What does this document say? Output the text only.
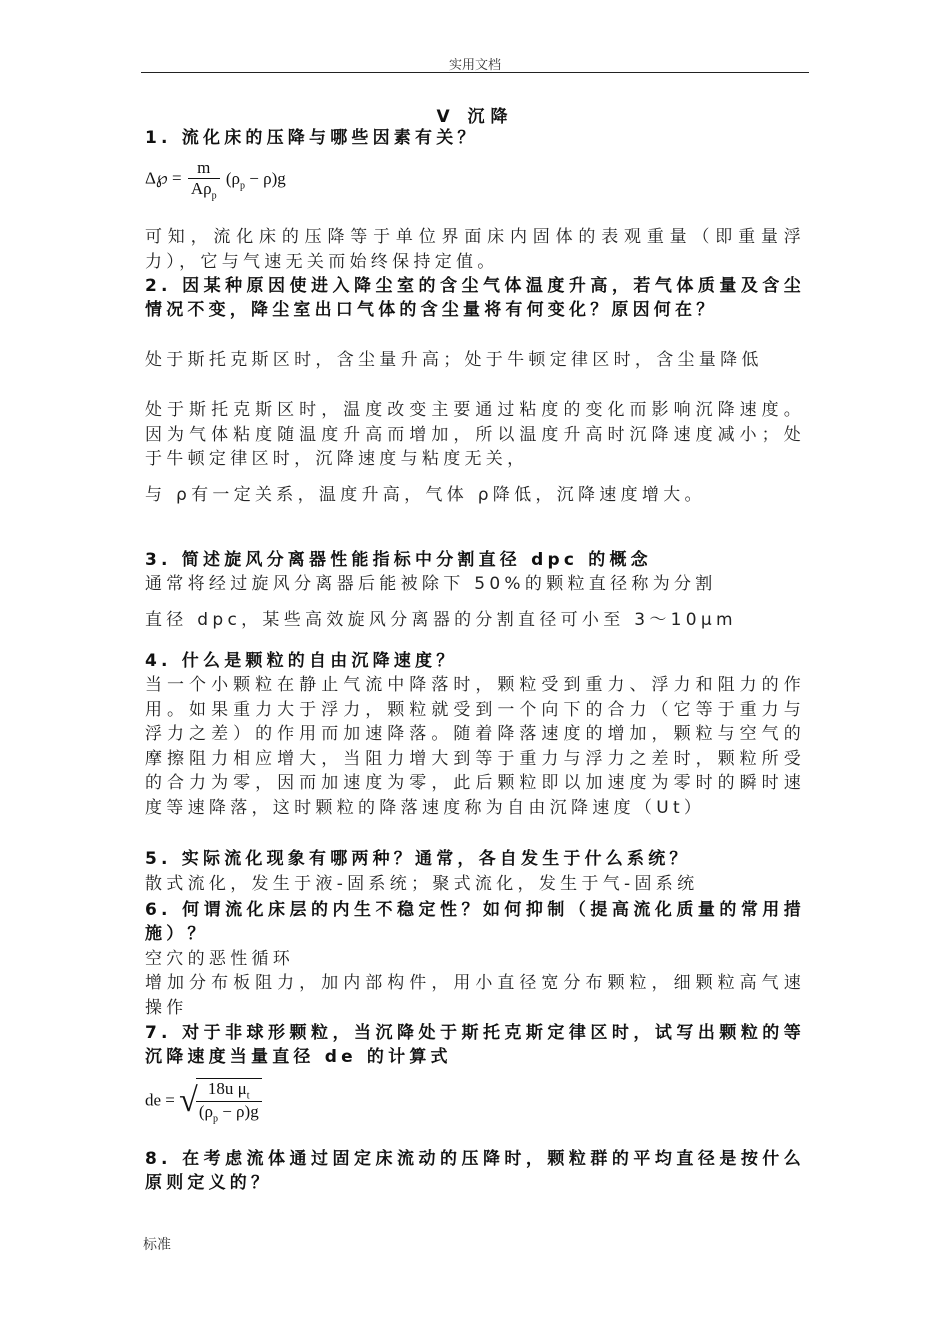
实用文档
V 沉降

1. 流化床的压降与哪些因素有关？

Δ℘ = $\frac{m}{A\rho_p} (\rho_p - \rho)g$

可知，流化床的压降等于单位界面床内固体的表观重量（即重量浮力），它与气速无关而始终保持定值。

2. 因某种原因使进入降尘室的含尘气体温度升高，若气体质量及含尘情况不变，降尘室出口气体的含尘量将有何变化？原因何在？

处于斯托克斯区时，含尘量升高；处于牛顿定律区时，含尘量降低

处于斯托克斯区时，温度改变主要通过粘度的变化而影响沉降速度。因为气体粘度随温度升高而增加，所以温度升高时沉降速度减小；处于牛顿定律区时，沉降速度与粘度无关，

与 ρ有一定关系，温度升高，气体 ρ降低，沉降速度增大。

3. 简述旋风分离器性能指标中分割直径 dpc 的概念

通常将经过旋风分离器后能被除下 50%的颗粒直径称为分割

直径 dpc，某些高效旋风分离器的分割直径可小至 3～10μm

4. 什么是颗粒的自由沉降速度？

当一个小颗粒在静止气流中降落时，颗粒受到重力、浮力和阻力的作用。如果重力大于浮力，颗粒就受到一个向下的合力（它等于重力与浮力之差）的作用而加速降落。随着降落速度的增加，颗粒与空气的摩擦阻力相应增大，当阻力增大到等于重力与浮力之差时，颗粒所受的合力为零，因而加速度为零，此后颗粒即以加速度为零时的瞬时速度等速降落，这时颗粒的降落速度称为自由沉降速度（Ut）

5. 实际流化现象有哪两种？通常，各自发生于什么系统？

散式流化，发生于液-固系统；聚式流化，发生于气-固系统

6. 何谓流化床层的内生不稳定性？如何抑制（提高流化质量的常用措施）？

空穴的恶性循环

增加分布板阻力，加内部构件，用小直径宽分布颗粒，细颗粒高气速操作

7. 对于非球形颗粒，当沉降处于斯托克斯定律区时，试写出颗粒的等沉降速度当量直径 de 的计算式

de = √
$\frac{18u \mu_t}{(\rho_p - \rho)g}$

8. 在考虑流体通过固定床流动的压降时，颗粒群的平均直径是按什么原则定义的？

标准
